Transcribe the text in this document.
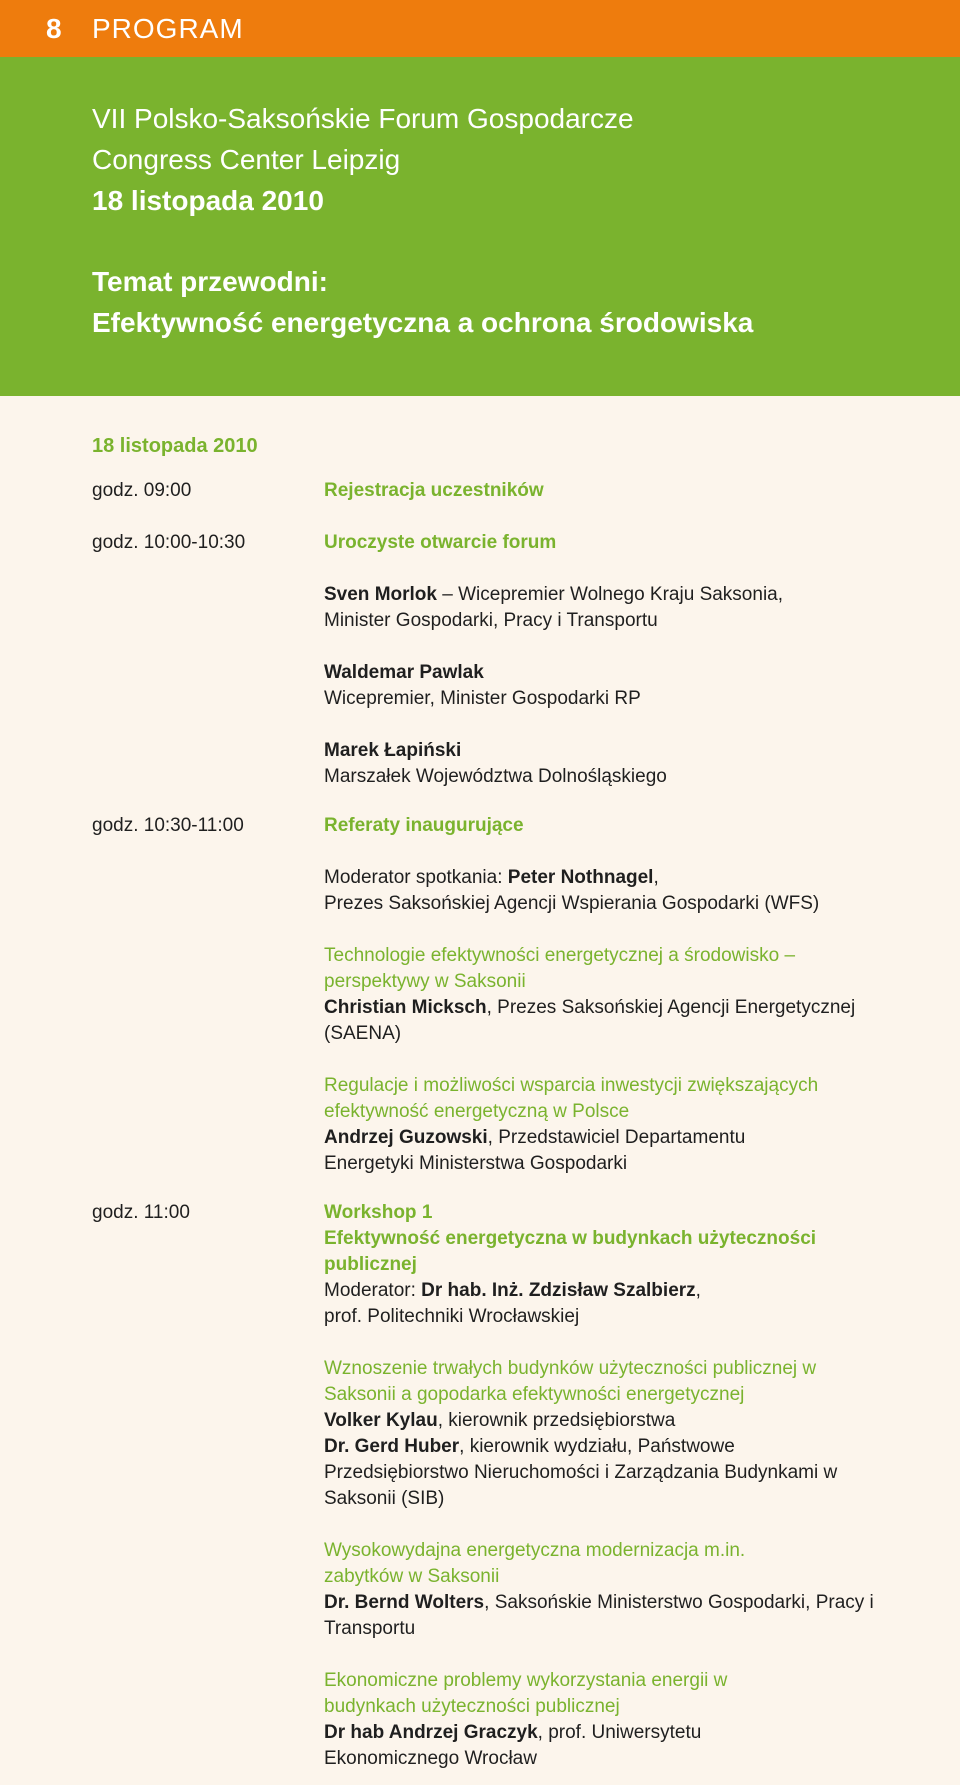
8	PROGRAM
VII Polsko-Saksońskie Forum Gospodarcze
Congress Center Leipzig
18 listopada 2010
Temat przewodni:
Efektywność energetyczna a ochrona środowiska
18 listopada 2010
godz. 09:00	Rejestracja uczestników
godz. 10:00-10:30	Uroczyste otwarcie forum
Sven Morlok – Wicepremier Wolnego Kraju Saksonia, Minister Gospodarki, Pracy i Transportu
Waldemar Pawlak
Wicepremier, Minister Gospodarki RP
Marek Łapiński
Marszałek Województwa Dolnośląskiego
godz. 10:30-11:00	Referaty inaugurujące
Moderator spotkania: Peter Nothnagel,
Prezes Saksońskiej Agencji Wspierania Gospodarki (WFS)
Technologie efektywności energetycznej a środowisko – perspektywy w Saksonii
Christian Micksch, Prezes Saksońskiej Agencji Energetycznej (SAENA)
Regulacje i możliwości wsparcia inwestycji zwiększających efektywność energetyczną w Polsce
Andrzej Guzowski, Przedstawiciel Departamentu Energetyki Ministerstwa Gospodarki
godz. 11:00	Workshop 1
Efektywność energetyczna w budynkach użyteczności publicznej
Moderator: Dr hab. Inż. Zdzisław Szalbierz,
prof. Politechniki Wrocławskiej
Wznoszenie trwałych budynków użyteczności publicznej w Saksonii a gopodarka efektywności energetycznej
Volker Kylau, kierownik przedsiębiorstwa
Dr. Gerd Huber, kierownik wydziału, Państwowe Przedsiębiorstwo Nieruchomości i Zarządzania Budynkami w Saksonii (SIB)
Wysokowydajna energetyczna modernizacja m.in. zabytków w Saksonii
Dr. Bernd Wolters, Saksońskie Ministerstwo Gospodarki, Pracy i Transportu
Ekonomiczne problemy wykorzystania energii w budynkach użyteczności publicznej
Dr hab Andrzej Graczyk, prof. Uniwersytetu Ekonomicznego Wrocław
